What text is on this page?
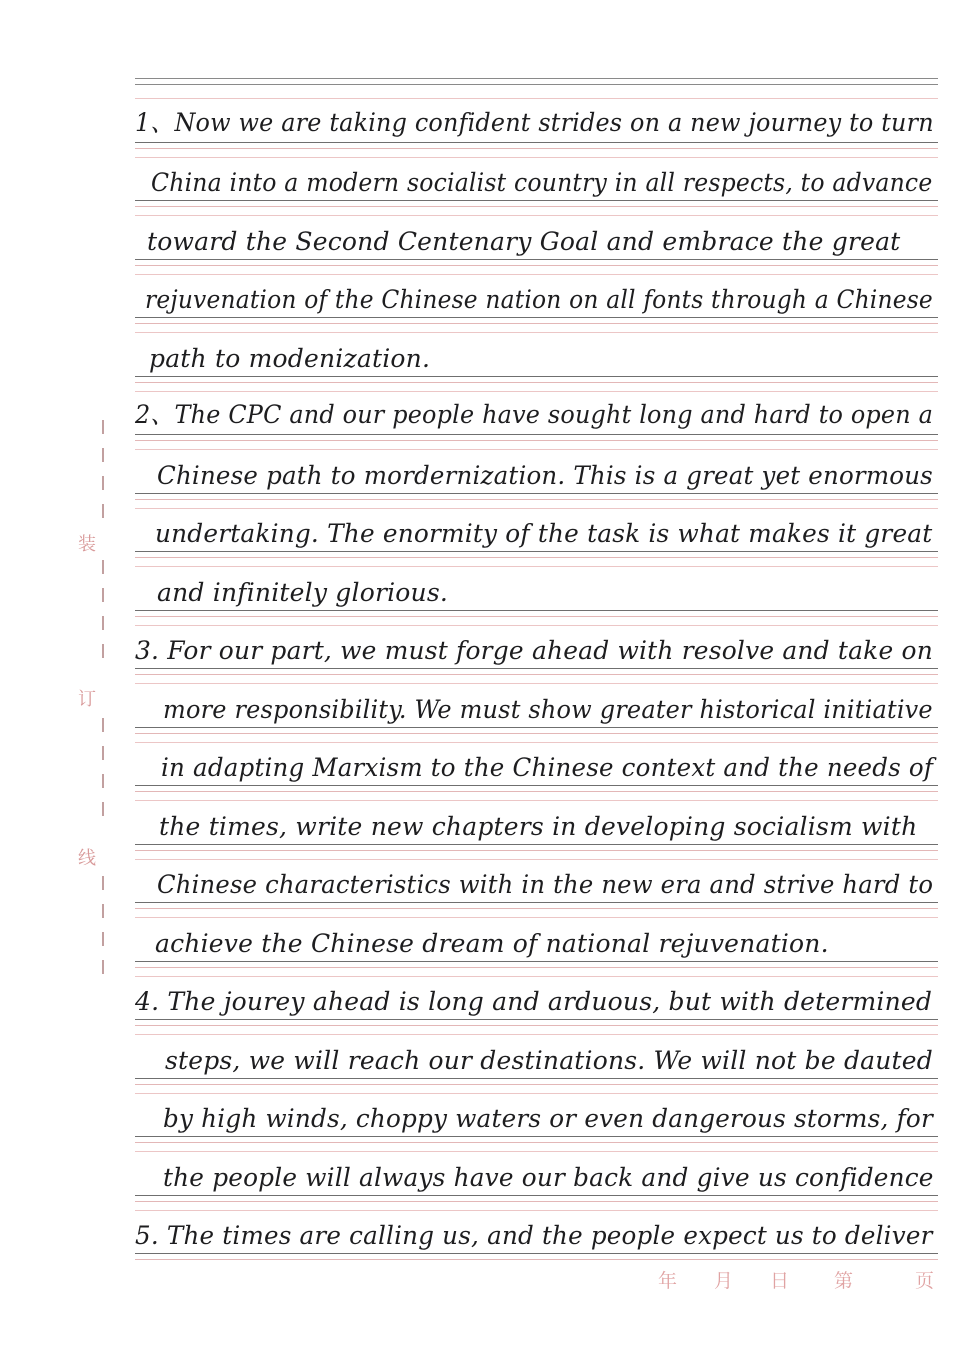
1、Now we are taking confident strides on a new journey to turn
China into a modern socialist country in all respects, to advance
toward the Second Centenary Goal and embrace the great
rejuvenation of the Chinese nation on all fonts through a Chinese
path to modenization.
2、The CPC and our people have sought long and hard to open a
Chinese path to mordernization. This is a great yet enormous
undertaking. The enormity of the task is what makes it great
and infinitely glorious.
3. For our part, we must forge ahead with resolve and take on
more responsibility. We must show greater historical initiative
in adapting Marxism to the Chinese context and the needs of
the times, write new chapters in developing socialism with
Chinese characteristics with in the new era and strive hard to
achieve the Chinese dream of national rejuvenation.
4. The jourey ahead is long and arduous, but with determined
steps, we will reach our destinations. We will not be dauted
by high winds, choppy waters or even dangerous storms, for
the people will always have our back and give us confidence
5. The times are calling us, and the people expect us to deliver
装
订
线
年 月 日 第	页
